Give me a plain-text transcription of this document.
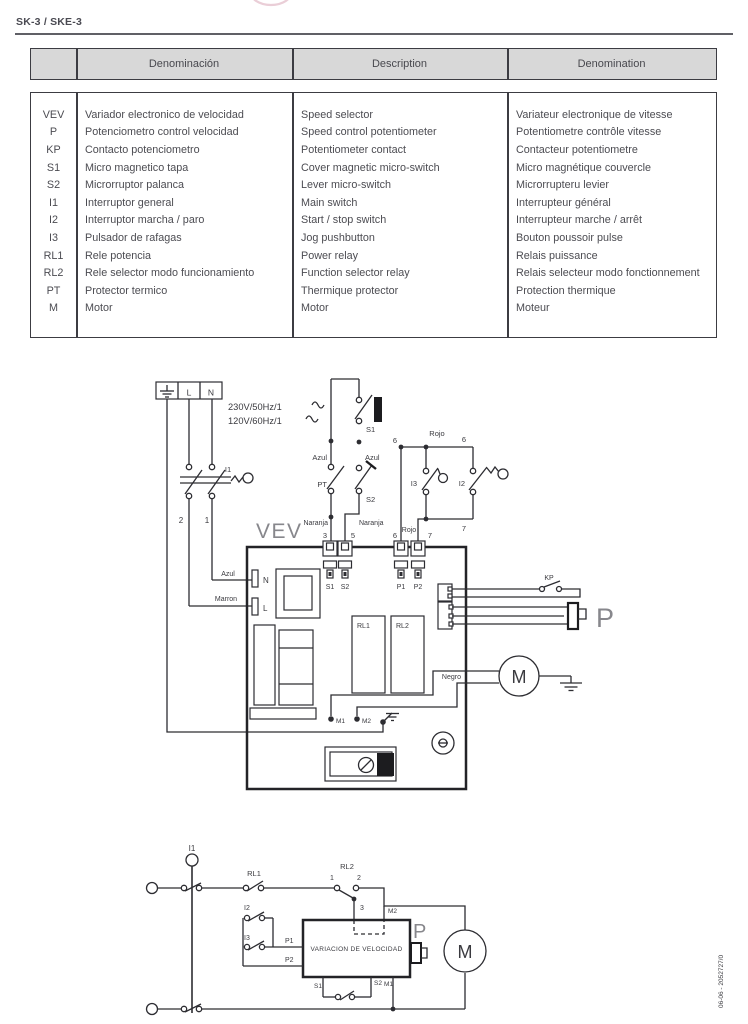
SK-3 / SKE-3
Denominación	Description	Denomination
VEV	Variador electronico de velocidad	Speed selector	Variateur electronique de vitesse
P	Potenciometro control velocidad	Speed control potentiometer	Potentiometre contrôle vitesse
KP	Contacto potenciometro	Potentiometer contact	Contacteur potentiometre
S1	Micro magnetico tapa	Cover magnetic micro-switch	Micro magnétique couvercle
S2	Microrruptor palanca	Lever micro-switch	Microrrupteru levier
I1	Interruptor general	Main switch	Interrupteur général
I2	Interruptor marcha / paro	Start / stop switch	Interrupteur marche / arrêt
I3	Pulsador de rafagas	Jog pushbutton	Bouton poussoir pulse
RL1	Rele potencia	Power relay	Relais puissance
RL2	Rele selector modo funcionamiento	Function selector relay	Relais selecteur modo fonctionnement
PT	Protector termico	Thermique protector	Protection thermique
M	Motor	Motor	Moteur
L N
230V/50Hz/1
120V/60Hz/1
I1
2	1 VEV
Azul
PT
Naranja
3
S1
Azul
S2
Naranja
5
6
Rojo
6
I3	I2
6
Rojo
7
7
S1 S2	P1 P2
N
L
Azul
Marron
RL1	RL2
M1	M2
Negro
KP
P
M
I1
RL1
1	2
3
RL2
M2
VARIACION DE VELOCIDAD
I2
I3	P1
P2
S1	S2 M1
P
M
06-06 - 2052727/0
